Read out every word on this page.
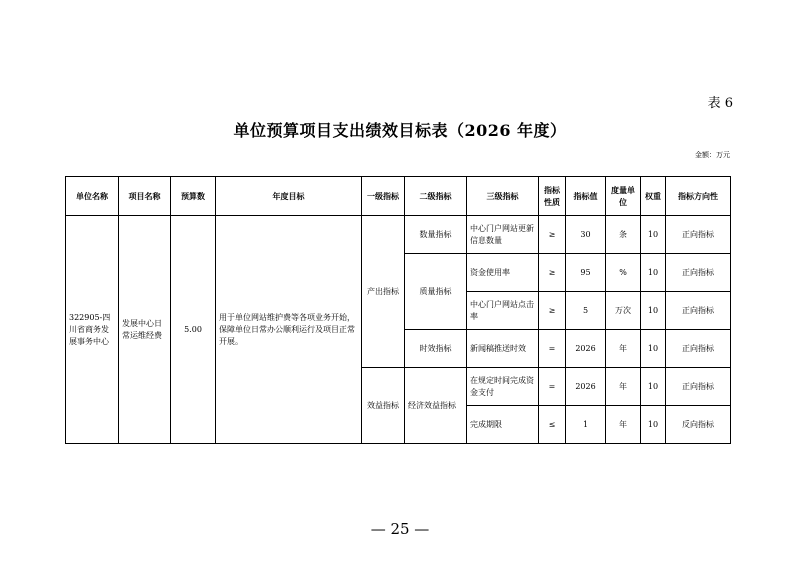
表 6
单位预算项目支出绩效目标表（2026 年度）
金额：万元
单位名称	项目名称	预算数	年度目标	一级指标	二级指标	三级指标	指标性质	指标值	度量单位	权重	指标方向性
322905-四川省商务发展事务中心	发展中心日常运维经费	5.00	用于单位网站维护费等各项业务开始，保障单位日常办公顺利运行及项目正常开展。	产出指标	数量指标	中心门户网站更新信息数量	≥	30	条	10	正向指标
					质量指标	资金使用率	≥	95	%	10	正向指标
						中心门户网站点击率	≥	5	万次	10	正向指标
					时效指标	新闻稿推送时效	=	2026	年	10	正向指标
				效益指标	经济效益指标	在规定时间完成资金支付	=	2026	年	10	正向指标
						完成期限	≤	1	年	10	反向指标
— 25 —
